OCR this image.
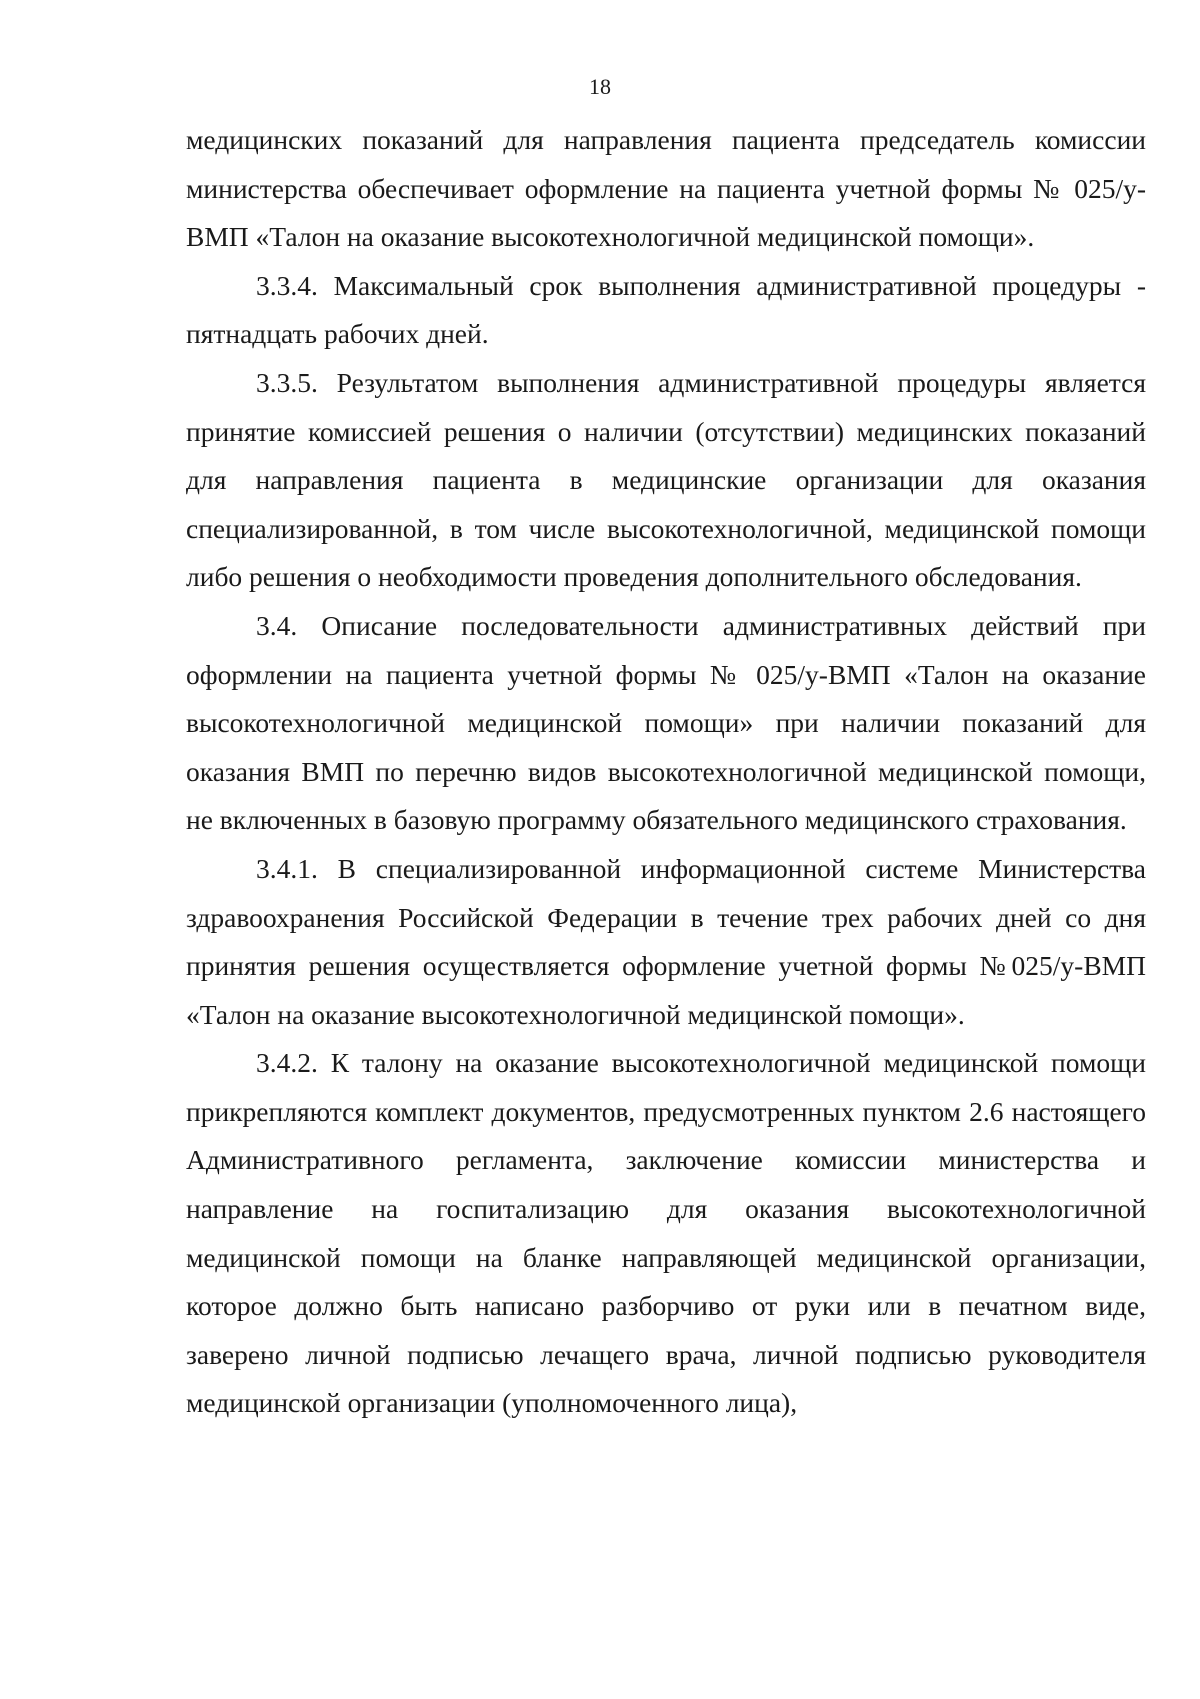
18

медицинских показаний для направления пациента председатель комиссии министерства обеспечивает оформление на пациента учетной формы № 025/у-ВМП «Талон на оказание высокотехнологичной медицинской помощи».

3.3.4. Максимальный срок выполнения административной процедуры - пятнадцать рабочих дней.

3.3.5. Результатом выполнения административной процедуры является принятие комиссией решения о наличии (отсутствии) медицинских показаний для направления пациента в медицинские организации для оказания специализированной, в том числе высокотехнологичной, медицинской помощи либо решения о необходимости проведения дополнительного обследования.

3.4. Описание последовательности административных действий при оформлении на пациента учетной формы № 025/у-ВМП «Талон на оказание высокотехнологичной медицинской помощи» при наличии показаний для оказания ВМП по перечню видов высокотехнологичной медицинской помощи, не включенных в базовую программу обязательного медицинского страхования.

3.4.1. В специализированной информационной системе Министерства здравоохранения Российской Федерации в течение трех рабочих дней со дня принятия решения осуществляется оформление учетной формы №025/у-ВМП «Талон на оказание высокотехнологичной медицинской помощи».

3.4.2. К талону на оказание высокотехнологичной медицинской помощи прикрепляются комплект документов, предусмотренных пунктом 2.6 настоящего Административного регламента, заключение комиссии министерства и направление на госпитализацию для оказания высокотехнологичной медицинской помощи на бланке направляющей медицинской организации, которое должно быть написано разборчиво от руки или в печатном виде, заверено личной подписью лечащего врача, личной подписью руководителя медицинской организации (уполномоченного лица),
